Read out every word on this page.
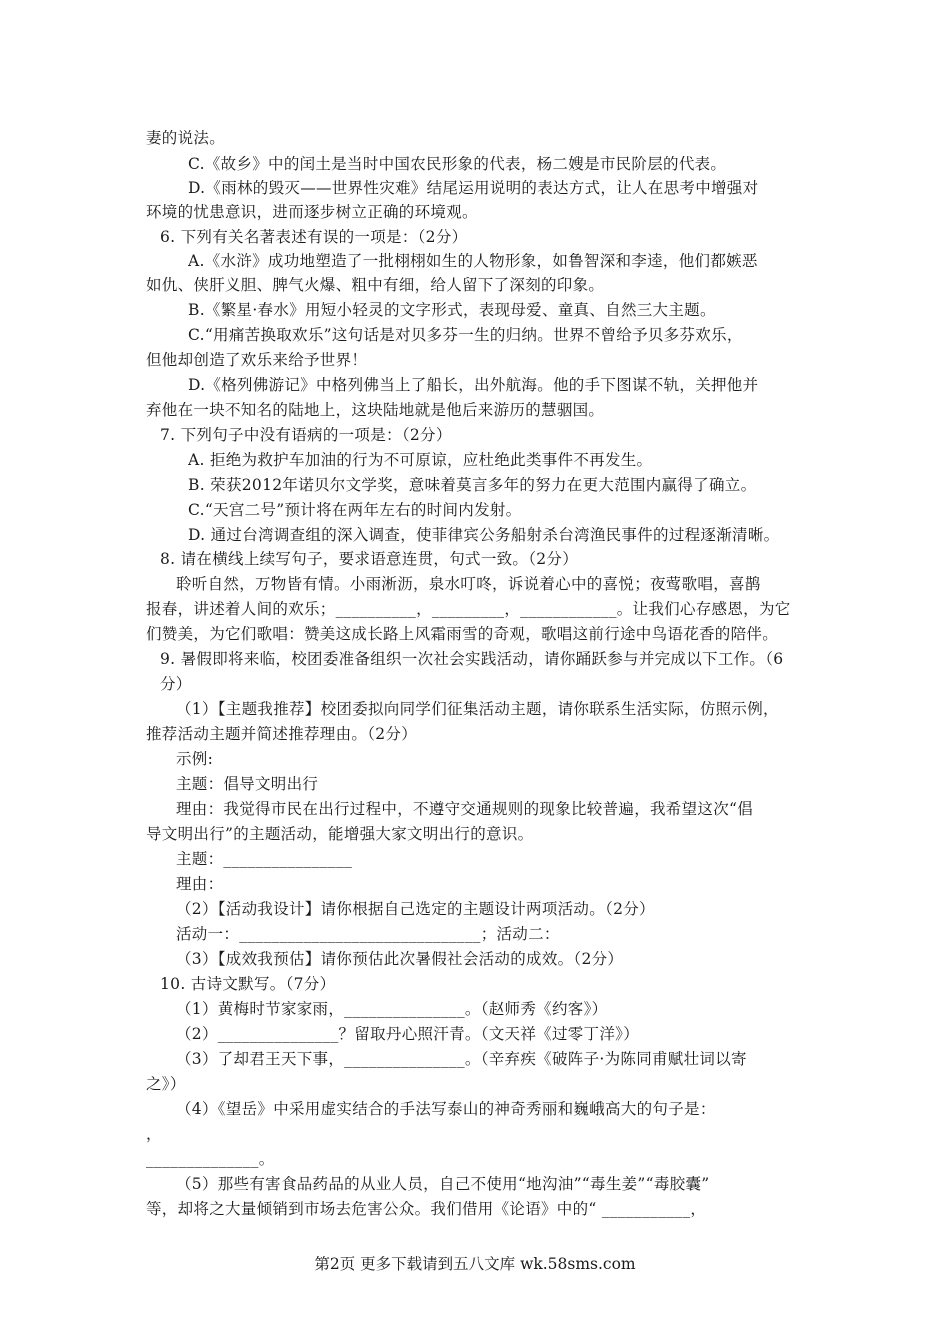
妻的说法。
C.《故乡》中的闰土是当时中国农民形象的代表，杨二嫂是市民阶层的代表。
D.《雨林的毁灭——世界性灾难》结尾运用说明的表达方式，让人在思考中增强对
环境的忧患意识，进而逐步树立正确的环境观。
6. 下列有关名著表述有误的一项是：（2分）
A.《水浒》成功地塑造了一批栩栩如生的人物形象，如鲁智深和李逵，他们都嫉恶
如仇、侠肝义胆、脾气火爆、粗中有细，给人留下了深刻的印象。
B.《繁星·春水》用短小轻灵的文字形式，表现母爱、童真、自然三大主题。
C.“用痛苦换取欢乐”这句话是对贝多芬一生的归纳。世界不曾给予贝多芬欢乐，
但他却创造了欢乐来给予世界！
D.《格列佛游记》中格列佛当上了船长，出外航海。他的手下图谋不轨，关押他并
弃他在一块不知名的陆地上，这块陆地就是他后来游历的慧骃国。
7. 下列句子中没有语病的一项是：（2分）
A. 拒绝为救护车加油的行为不可原谅，应杜绝此类事件不再发生。
B. 荣获2012年诺贝尔文学奖，意味着莫言多年的努力在更大范围内赢得了确立。
C.“天宫二号”预计将在两年左右的时间内发射。
D. 通过台湾调查组的深入调查，使菲律宾公务船射杀台湾渔民事件的过程逐渐清晰。
8. 请在横线上续写句子，要求语意连贯，句式一致。（2分）
聆听自然，万物皆有情。小雨淅沥，泉水叮咚，诉说着心中的喜悦；夜莺歌唱，喜鹊
报春，讲述着人间的欢乐；__________，_________，____________。让我们心存感恩，为它
们赞美，为它们歌唱：赞美这成长路上风霜雨雪的奇观，歌唱这前行途中鸟语花香的陪伴。
9. 暑假即将来临，校团委准备组织一次社会实践活动，请你踊跃参与并完成以下工作。（6
分）
（1）【主题我推荐】校团委拟向同学们征集活动主题，请你联系生活实际，仿照示例，
推荐活动主题并简述推荐理由。（2分）
示例:
主题：倡导文明出行
理由：我觉得市民在出行过程中，不遵守交通规则的现象比较普遍，我希望这次“倡
导文明出行”的主题活动，能增强大家文明出行的意识。
主题：________________
理由：
（2）【活动我设计】请你根据自己选定的主题设计两项活动。（2分）
活动一：______________________________；活动二：
（3）【成效我预估】请你预估此次暑假社会活动的成效。（2分）
10. 古诗文默写。（7分）
（1）黄梅时节家家雨，_______________。（赵师秀《约客》）
（2）_______________？留取丹心照汗青。（文天祥《过零丁洋》）
（3）了却君王天下事，_______________。（辛弃疾《破阵子·为陈同甫赋壮词以寄
之》）
（4）《望岳》中采用虚实结合的手法写泰山的神奇秀丽和巍峨高大的句子是：
，
______________。
（5）那些有害食品药品的从业人员，自己不使用“地沟油”“毒生姜”“毒胶囊”
等，却将之大量倾销到市场去危害公众。我们借用《论语》中的“ ___________，
第2页 更多下载请到五八文库 wk.58sms.com
